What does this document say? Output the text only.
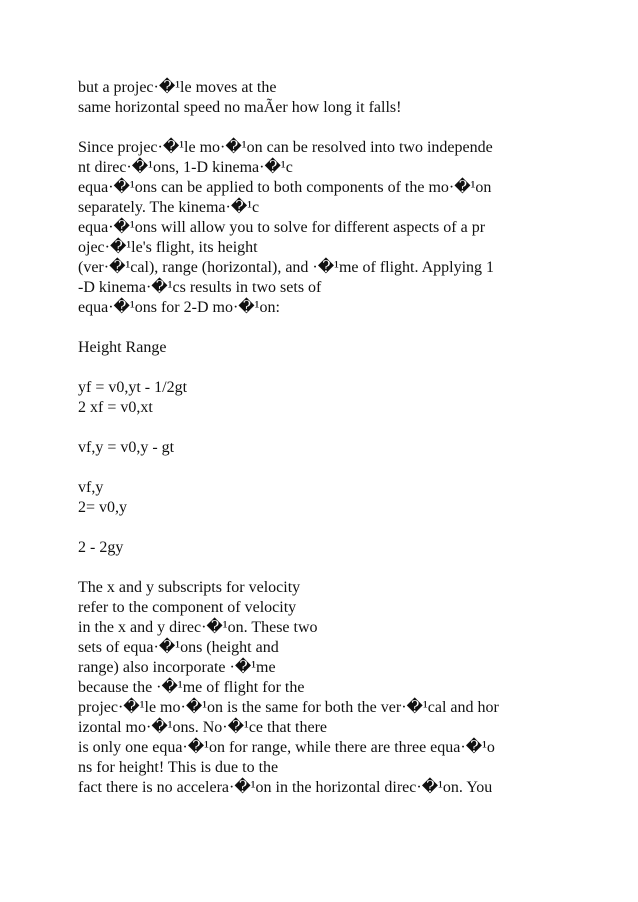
but a projec·�¹le moves at the

same horizontal speed no maÃer how long it falls!

Since projec·�¹le mo·�¹on can be resolved into two independe

nt direc·�¹ons, 1-D kinema·�¹c

equa·�¹ons can be applied to both components of the mo·�¹on

separately. The kinema·�¹c

equa·�¹ons will allow you to solve for different aspects of a pr

ojec·�¹le's flight, its height

(ver·�¹cal), range (horizontal), and ·�¹me of flight. Applying 1

-D kinema·�¹cs results in two sets of

equa·�¹ons for 2-D mo·�¹on:

Height Range

yf = v0,yt - 1/2gt

2 xf = v0,xt

vf,y = v0,y - gt

vf,y

2= v0,y

2 - 2gy

The x and y subscripts for velocity

refer to the component of velocity

in the x and y direc·�¹on. These two

sets of equa·�¹ons (height and

range) also incorporate ·�¹me

because the ·�¹me of flight for the

projec·�¹le mo·�¹on is the same for both the ver·�¹cal and hor

izontal mo·�¹ons. No·�¹ce that there

is only one equa·�¹on for range, while there are three equa·�¹o

ns for height! This is due to the

fact there is no accelera·�¹on in the horizontal direc·�¹on. You
